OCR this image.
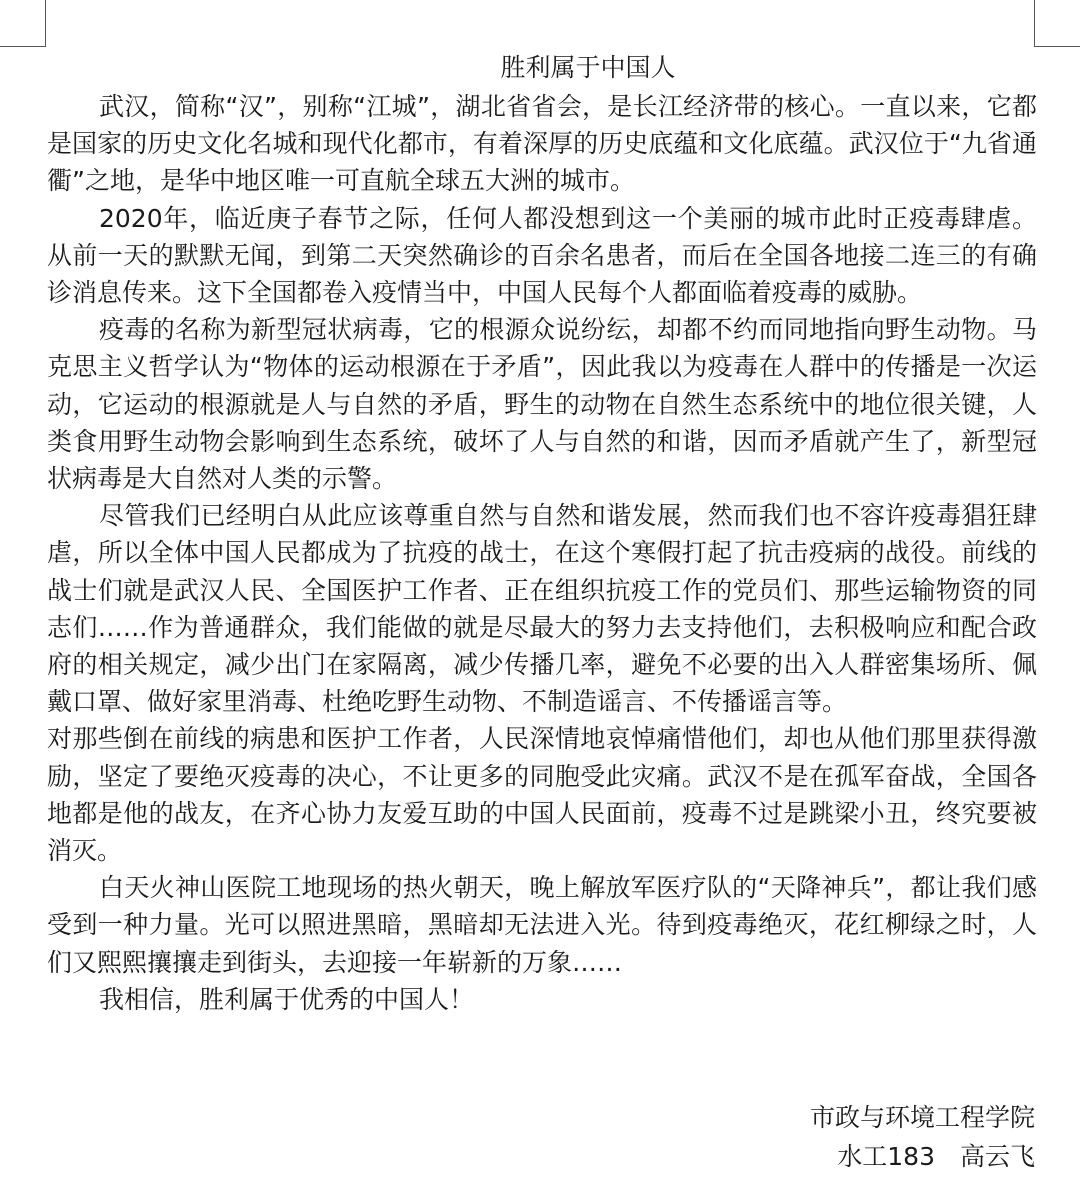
胜利属于中国人

武汉，简称“汉”，别称“江城”，湖北省省会，是长江经济带的核心。一直以来，它都是国家的历史文化名城和现代化都市，有着深厚的历史底蕴和文化底蕴。武汉位于“九省通衢”之地，是华中地区唯一可直航全球五大洲的城市。

2020年，临近庚子春节之际，任何人都没想到这一个美丽的城市此时正疫毒肆虐。从前一天的默默无闻，到第二天突然确诊的百余名患者，而后在全国各地接二连三的有确诊消息传来。这下全国都卷入疫情当中，中国人民每个人都面临着疫毒的威胁。

疫毒的名称为新型冠状病毒，它的根源众说纷纭，却都不约而同地指向野生动物。马克思主义哲学认为“物体的运动根源在于矛盾”，因此我以为疫毒在人群中的传播是一次运动，它运动的根源就是人与自然的矛盾，野生的动物在自然生态系统中的地位很关键，人类食用野生动物会影响到生态系统，破坏了人与自然的和谐，因而矛盾就产生了，新型冠状病毒是大自然对人类的示警。

尽管我们已经明白从此应该尊重自然与自然和谐发展，然而我们也不容许疫毒猖狂肆虐，所以全体中国人民都成为了抗疫的战士，在这个寒假打起了抗击疫病的战役。前线的战士们就是武汉人民、全国医护工作者、正在组织抗疫工作的党员们、那些运输物资的同志们……作为普通群众，我们能做的就是尽最大的努力去支持他们，去积极响应和配合政府的相关规定，减少出门在家隔离，减少传播几率，避免不必要的出入人群密集场所、佩戴口罩、做好家里消毒、杜绝吃野生动物、不制造谣言、不传播谣言等。

对那些倒在前线的病患和医护工作者，人民深情地哀悼痛惜他们，却也从他们那里获得激励，坚定了要绝灭疫毒的决心，不让更多的同胞受此灾痛。武汉不是在孤军奋战，全国各地都是他的战友，在齐心协力友爱互助的中国人民面前，疫毒不过是跳梁小丑，终究要被消灭。

白天火神山医院工地现场的热火朝天，晚上解放军医疗队的“天降神兵”，都让我们感受到一种力量。光可以照进黑暗，黑暗却无法进入光。待到疫毒绝灭，花红柳绿之时，人们又熙熙攘攘走到街头，去迎接一年崭新的万象……

我相信，胜利属于优秀的中国人！

市政与环境工程学院
水工183　高云飞
